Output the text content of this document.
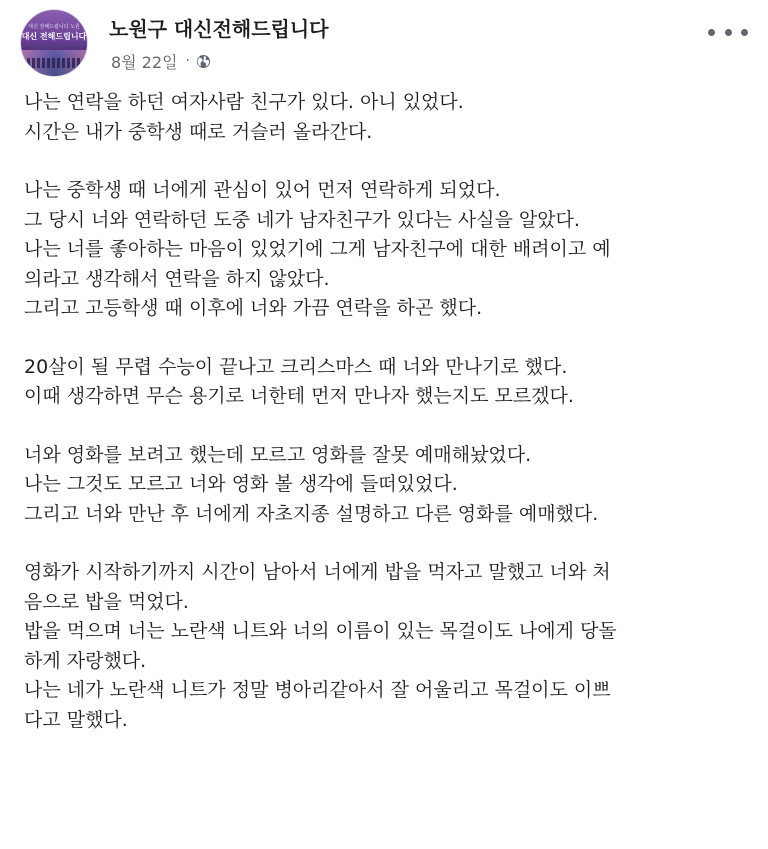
대신 전해드립니다 노원
대신 전해드립니다 노원구 대신전해드립니다
8월 22일 ·
나는 연락을 하던 여자사람 친구가 있다. 아니 있었다.
시간은 내가 중학생 때로 거슬러 올라간다.
나는 중학생 때 너에게 관심이 있어 먼저 연락하게 되었다.
그 당시 너와 연락하던 도중 네가 남자친구가 있다는 사실을 알았다.
나는 너를 좋아하는 마음이 있었기에 그게 남자친구에 대한 배려이고 예
의라고 생각해서 연락을 하지 않았다.
그리고 고등학생 때 이후에 너와 가끔 연락을 하곤 했다.
20살이 될 무렵 수능이 끝나고 크리스마스 때 너와 만나기로 했다.
이때 생각하면 무슨 용기로 너한테 먼저 만나자 했는지도 모르겠다.
너와 영화를 보려고 했는데 모르고 영화를 잘못 예매해놨었다.
나는 그것도 모르고 너와 영화 볼 생각에 들떠있었다.
그리고 너와 만난 후 너에게 자초지종 설명하고 다른 영화를 예매했다.
영화가 시작하기까지 시간이 남아서 너에게 밥을 먹자고 말했고 너와 처
음으로 밥을 먹었다.
밥을 먹으며 너는 노란색 니트와 너의 이름이 있는 목걸이도 나에게 당돌
하게 자랑했다.
나는 네가 노란색 니트가 정말 병아리같아서 잘 어울리고 목걸이도 이쁘
다고 말했다.
